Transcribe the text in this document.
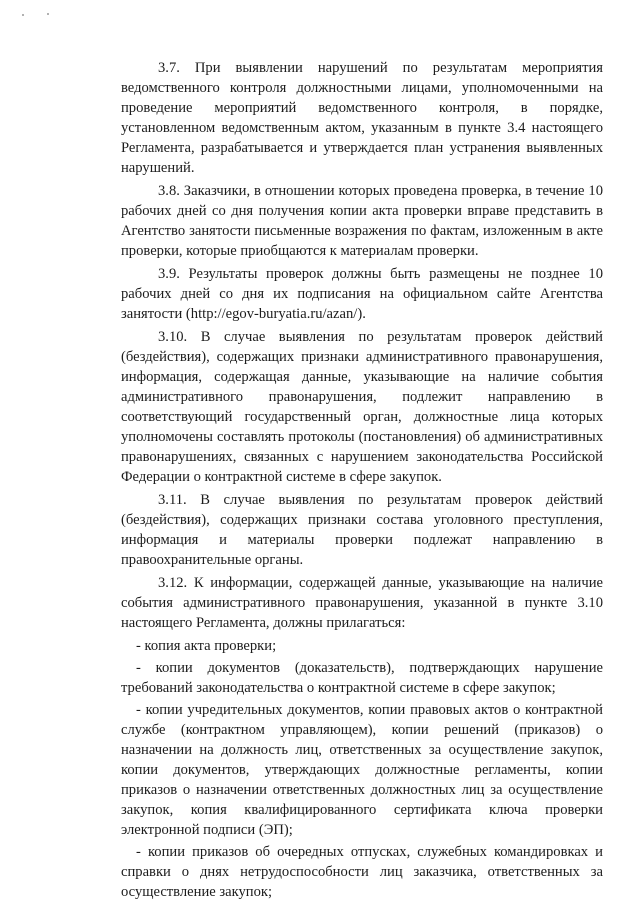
3.7. При выявлении нарушений по результатам мероприятия ведомственного контроля должностными лицами, уполномоченными на проведение мероприятий ведомственного контроля, в порядке, установленном ведомственным актом, указанным в пункте 3.4 настоящего Регламента, разрабатывается и утверждается план устранения выявленных нарушений.

3.8. Заказчики, в отношении которых проведена проверка, в течение 10 рабочих дней со дня получения копии акта проверки вправе представить в Агентство занятости письменные возражения по фактам, изложенным в акте проверки, которые приобщаются к материалам проверки.

3.9. Результаты проверок должны быть размещены не позднее 10 рабочих дней со дня их подписания на официальном сайте Агентства занятости (http://egov-buryatia.ru/azan/).

3.10. В случае выявления по результатам проверок действий (бездействия), содержащих признаки административного правонарушения, информация, содержащая данные, указывающие на наличие события административного правонарушения, подлежит направлению в соответствующий государственный орган, должностные лица которых уполномочены составлять протоколы (постановления) об административных правонарушениях, связанных с нарушением законодательства Российской Федерации о контрактной системе в сфере закупок.

3.11. В случае выявления по результатам проверок действий (бездействия), содержащих признаки состава уголовного преступления, информация и материалы проверки подлежат направлению в правоохранительные органы.

3.12. К информации, содержащей данные, указывающие на наличие события административного правонарушения, указанной в пункте 3.10 настоящего Регламента, должны прилагаться:

- копия акта проверки;

- копии документов (доказательств), подтверждающих нарушение требований законодательства о контрактной системе в сфере закупок;

- копии учредительных документов, копии правовых актов о контрактной службе (контрактном управляющем), копии решений (приказов) о назначении на должность лиц, ответственных за осуществление закупок, копии документов, утверждающих должностные регламенты, копии приказов о назначении ответственных должностных лиц за осуществление закупок, копия квалифицированного сертификата ключа проверки электронной подписи (ЭП);

- копии приказов об очередных отпусках, служебных командировках и справки о днях нетрудоспособности лиц заказчика, ответственных за осуществление закупок;
